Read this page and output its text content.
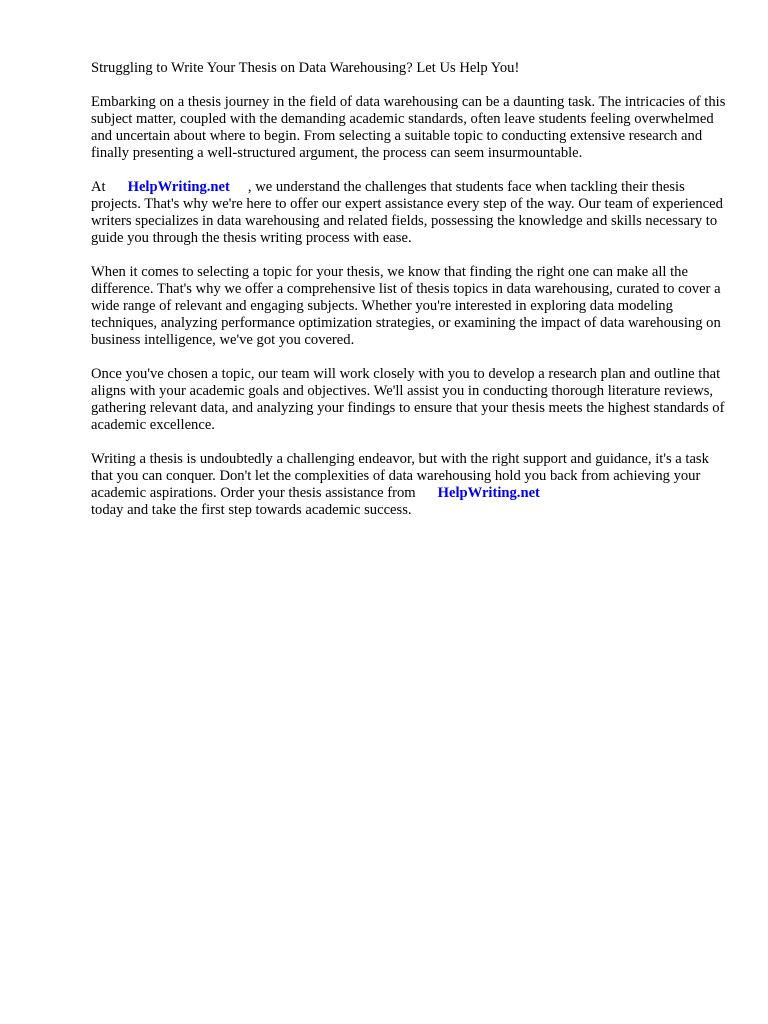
Struggling to Write Your Thesis on Data Warehousing? Let Us Help You!

Embarking on a thesis journey in the field of data warehousing can be a daunting task. The intricacies of this subject matter, coupled with the demanding academic standards, often leave students feeling overwhelmed and uncertain about where to begin. From selecting a suitable topic to conducting extensive research and finally presenting a well-structured argument, the process can seem insurmountable.

At HelpWriting.net , we understand the challenges that students face when tackling their thesis projects. That's why we're here to offer our expert assistance every step of the way. Our team of experienced writers specializes in data warehousing and related fields, possessing the knowledge and skills necessary to guide you through the thesis writing process with ease.

When it comes to selecting a topic for your thesis, we know that finding the right one can make all the difference. That's why we offer a comprehensive list of thesis topics in data warehousing, curated to cover a wide range of relevant and engaging subjects. Whether you're interested in exploring data modeling techniques, analyzing performance optimization strategies, or examining the impact of data warehousing on business intelligence, we've got you covered.

Once you've chosen a topic, our team will work closely with you to develop a research plan and outline that aligns with your academic goals and objectives. We'll assist you in conducting thorough literature reviews, gathering relevant data, and analyzing your findings to ensure that your thesis meets the highest standards of academic excellence.

Writing a thesis is undoubtedly a challenging endeavor, but with the right support and guidance, it's a task that you can conquer. Don't let the complexities of data warehousing hold you back from achieving your academic aspirations. Order your thesis assistance from HelpWriting.net
today and take the first step towards academic success.
